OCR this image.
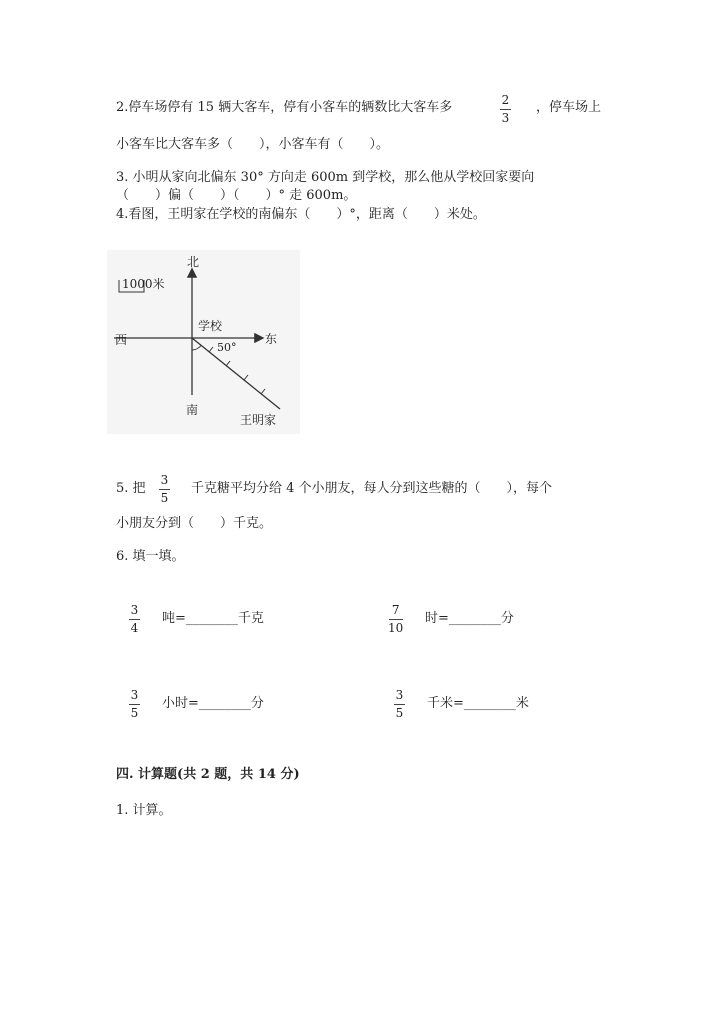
2.停车场停有 15 辆大客车，停有小客车的辆数比大客车多	2
3
，停车场上
小客车比大客车多（　　），小客车有（　　）。
3. 小明从家向北偏东 30° 方向走 600m 到学校，那么他从学校回家要向
（　　）偏（　　）（　　）° 走 600m。
4.看图，王明家在学校的南偏东（　　）°，距离（　　）米处。
1000米
北
南
东
西
学校
50°
王明家
5. 把
3
5
千克糖平均分给 4 个小朋友，每人分到这些糖的（　　），每个
小朋友分到（　　）千克。
6. 填一填。
3
4
吨=________千克
7
10
时=________分
3
5
小时=________分
3
5
千米=________米
四. 计算题(共 2 题，共 14 分)
1. 计算。
